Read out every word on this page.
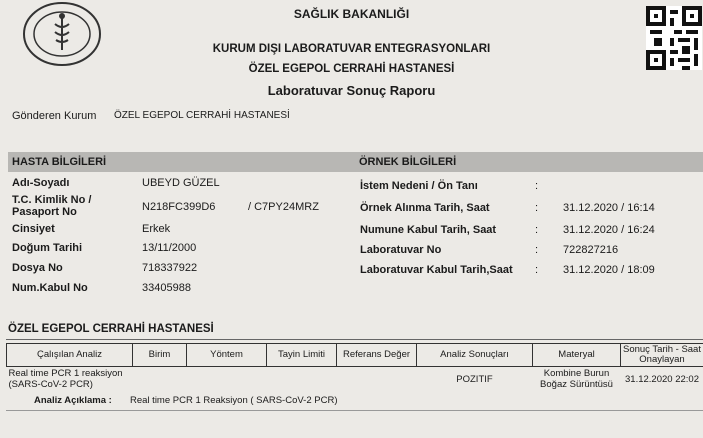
SAĞLIK BAKANLIĞI
KURUM DIŞI LABORATUVAR ENTEGRASYONLARI
ÖZEL EGEPOL CERRAHİ HASTANESİ
Laboratuvar Sonuç Raporu
Gönderen Kurum ÖZEL EGEPOL CERRAHİ HASTANESİ
HASTA BİLGİLERİ	ÖRNEK BİLGİLERİ
Adı-Soyadı	UBEYD GÜZEL
T.C. Kimlik No /
Pasaport No	N218FC399D6	/ C7PY24MRZ
Cinsiyet	Erkek
Doğum Tarihi	13/11/2000
Dosya No	718337922
Num.Kabul No	33405988
İstem Nedeni / Ön Tanı	:
Örnek Alınma Tarih, Saat	: 31.12.2020 / 16:14
Numune Kabul Tarih, Saat	: 31.12.2020 / 16:24
Laboratuvar No	: 722827216
Laboratuvar Kabul Tarih,Saat : 31.12.2020 / 18:09
ÖZEL EGEPOL CERRAHİ HASTANESİ
Çalışılan Analiz	Birim	Yöntem	Tayin Limiti	Referans Değer	Analiz Sonuçları	Materyal	Sonuç Tarih - Saat Onaylayan
Real time PCR 1 reaksiyon (SARS-CoV-2 PCR)					POZITIF	Kombine Burun Boğaz Sürüntüsü	31.12.2020 22:02
Analiz Açıklama : Real time PCR 1 Reaksiyon ( SARS-CoV-2 PCR)
